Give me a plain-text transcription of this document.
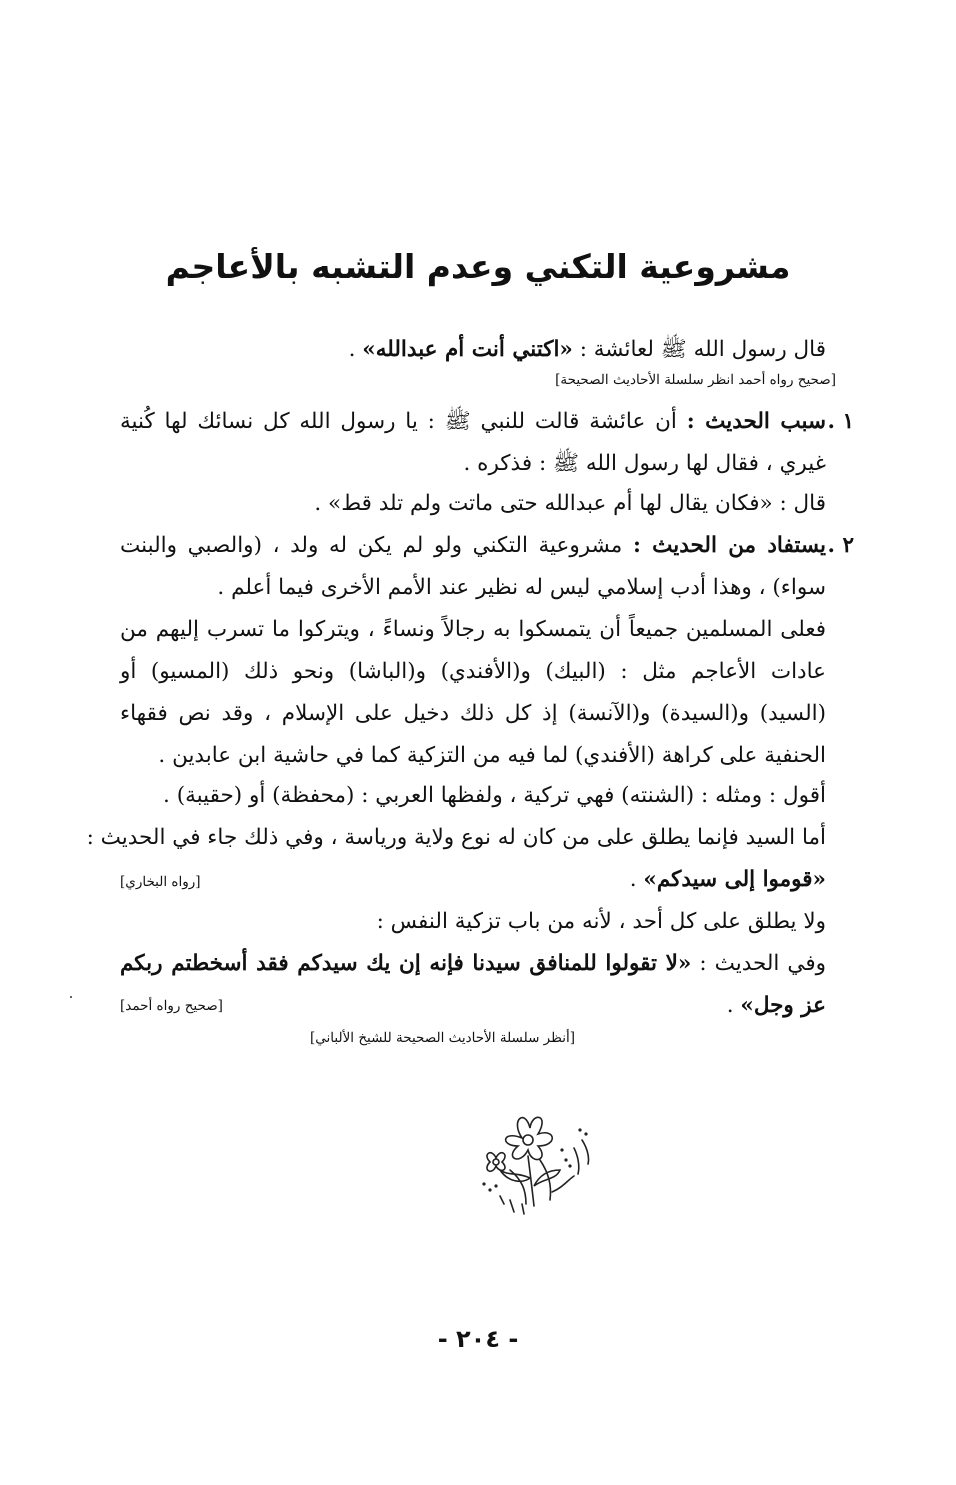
مشروعية التكني وعدم التشبه بالأعاجم
قال رسول الله ﷺ لعائشة : «اكتني أنت أم عبدالله» .
[صحيح رواه أحمد انظر سلسلة الأحاديث الصحيحة]
١ .
سبب الحديث : أن عائشة قالت للنبي ﷺ : يا رسول الله كل نسائك لها كُنية
غيري ، فقال لها رسول الله ﷺ : فذكره .
قال : «فكان يقال لها أم عبدالله حتى ماتت ولم تلد قط» .
٢ .
يستفاد من الحديث : مشروعية التكني ولو لم يكن له ولد ، (والصبي والبنت
سواء) ، وهذا أدب إسلامي ليس له نظير عند الأمم الأخرى فيما أعلم .
فعلى المسلمين جميعاً أن يتمسكوا به رجالاً ونساءً ، ويتركوا ما تسرب إليهم من
عادات الأعاجم مثل : (البيك) و(الأفندي) و(الباشا) ونحو ذلك (المسيو) أو
(السيد) و(السيدة) و(الآنسة) إذ كل ذلك دخيل على الإسلام ، وقد نص فقهاء
الحنفية على كراهة (الأفندي) لما فيه من التزكية كما في حاشية ابن عابدين .
أقول : ومثله : (الشنته) فهي تركية ، ولفظها العربي : (محفظة) أو (حقيبة) .
أما السيد فإنما يطلق على من كان له نوع ولاية ورياسة ، وفي ذلك جاء في الحديث :
«قوموا إلى سيدكم» .
[رواه البخاري]
ولا يطلق على كل أحد ، لأنه من باب تزكية النفس :
وفي الحديث : «لا تقولوا للمنافق سيدنا فإنه إن يك سيدكم فقد أسخطتم ربكم
عز وجل» .
[صحيح رواه أحمد]
[أنظر سلسلة الأحاديث الصحيحة للشيخ الألباني]
- ٢٠٤ -
